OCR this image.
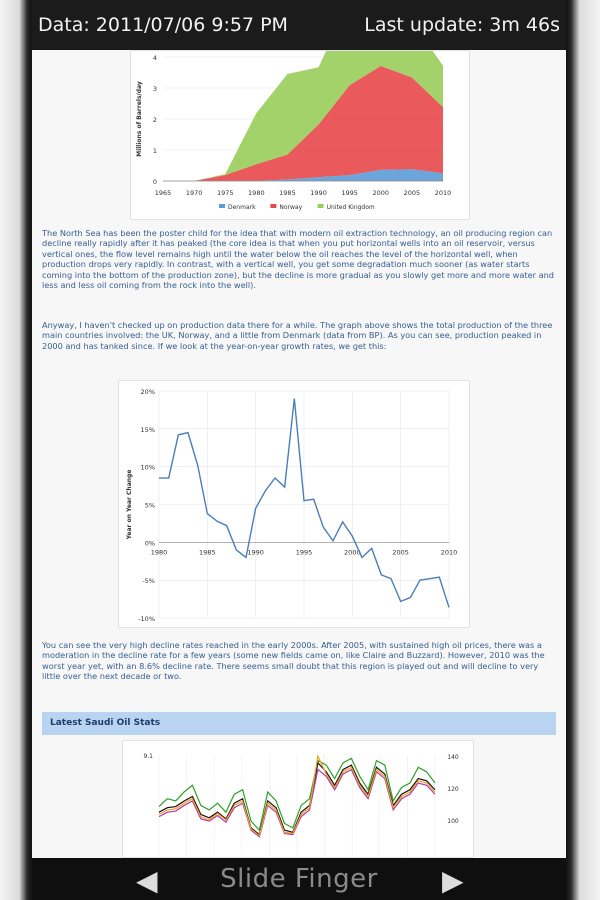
Data: 2011/07/06 9:57 PM	Last update: 3m 46s
0
1
2
3
4
1965 1970 1975 1980 1985 1990 1995 2000 2005 2010
Millions of Barrels/day
Denmark	Norway	United Kingdom

The North Sea has been the poster child for the idea that with modern oil extraction technology, an oil producing region can decline really rapidly after it has peaked (the core idea is that when you put horizontal wells into an oil reservoir, versus vertical ones, the flow level remains high until the water below the oil reaches the level of the horizontal well, when production drops very rapidly. In contrast, with a vertical well, you get some degradation much sooner (as water starts coming into the bottom of the production zone), but the decline is more gradual as you slowly get more and more water and less and less oil coming from the rock into the well).

Anyway, I haven't checked up on production data there for a while. The graph above shows the total production of the three main countries involved: the UK, Norway, and a little from Denmark (data from BP). As you can see, production peaked in 2000 and has tanked since. If we look at the year-on-year growth rates, we get this:

20%
15%
10%
5%
0%
-5%
-10%
1980	1985	1990	1995	2000	2005	2010
Year on Year Change

You can see the very high decline rates reached in the early 2000s. After 2005, with sustained high oil prices, there was a moderation in the decline rate for a few years (some new fields came on, like Claire and Buzzard). However, 2010 was the worst year yet, with an 8.6% decline rate. There seems small doubt that this region is played out and will decline to very little over the next decade or two.

Latest Saudi Oil Stats
9.1	140
120
100
◀ Slide Finger ▶
